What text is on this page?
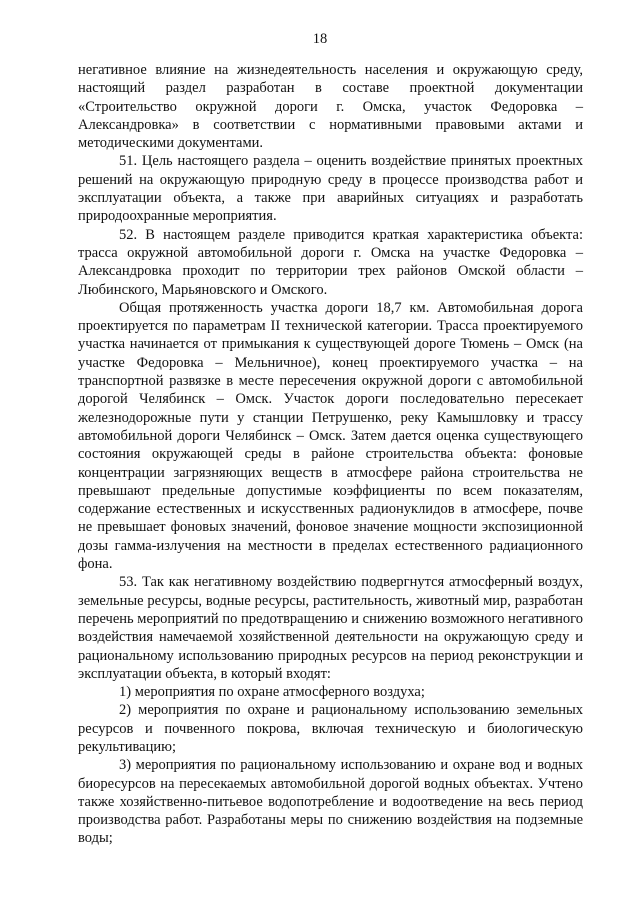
18

негативное влияние на жизнедеятельность населения и окружающую среду, настоящий раздел разработан в составе проектной документации «Строительство окружной дороги г. Омска, участок Федоровка – Александровка» в соответствии с нормативными правовыми актами и методическими документами.

51. Цель настоящего раздела – оценить воздействие принятых проектных решений на окружающую природную среду в процессе производства работ и эксплуатации объекта, а также при аварийных ситуациях и разработать природоохранные мероприятия.

52. В настоящем разделе приводится краткая характеристика объекта: трасса окружной автомобильной дороги г. Омска на участке Федоровка – Александровка проходит по территории трех районов Омской области – Любинского, Марьяновского и Омского.

Общая протяженность участка дороги 18,7 км. Автомобильная дорога проектируется по параметрам II технической категории. Трасса проектируемого участка начинается от примыкания к существующей дороге Тюмень – Омск (на участке Федоровка – Мельничное), конец проектируемого участка – на транспортной развязке в месте пересечения окружной дороги с автомобильной дорогой Челябинск – Омск. Участок дороги последовательно пересекает железнодорожные пути у станции Петрушенко, реку Камышловку и трассу автомобильной дороги Челябинск – Омск. Затем дается оценка существующего состояния окружающей среды в районе строительства объекта: фоновые концентрации загрязняющих веществ в атмосфере района строительства не превышают предельные допустимые коэффициенты по всем показателям, содержание естественных и искусственных радионуклидов в атмосфере, почве не превышает фоновых значений, фоновое значение мощности экспозиционной дозы гамма-излучения на местности в пределах естественного радиационного фона.

53. Так как негативному воздействию подвергнутся атмосферный воздух, земельные ресурсы, водные ресурсы, растительность, животный мир, разработан перечень мероприятий по предотвращению и снижению возможного негативного воздействия намечаемой хозяйственной деятельности на окружающую среду и рациональному использованию природных ресурсов на период реконструкции и эксплуатации объекта, в который входят:

1) мероприятия по охране атмосферного воздуха;

2) мероприятия по охране и рациональному использованию земельных ресурсов и почвенного покрова, включая техническую и биологическую рекультивацию;

3) мероприятия по рациональному использованию и охране вод и водных биоресурсов на пересекаемых автомобильной дорогой водных объектах. Учтено также хозяйственно-питьевое водопотребление и водоотведение на весь период производства работ. Разработаны меры по снижению воздействия на подземные воды;
